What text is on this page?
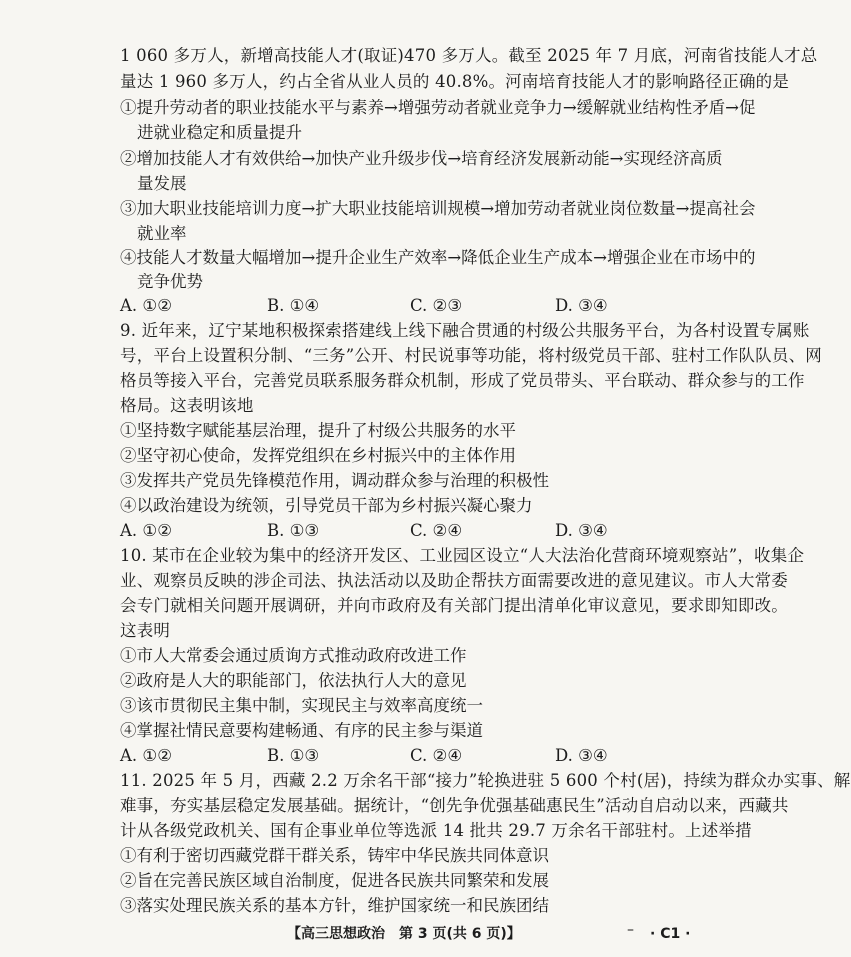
1 060 多万人，新增高技能人才(取证)470 多万人。截至 2025 年 7 月底，河南省技能人才总
量达 1 960 多万人，约占全省从业人员的 40.8%。河南培育技能人才的影响路径正确的是
①提升劳动者的职业技能水平与素养→增强劳动者就业竞争力→缓解就业结构性矛盾→促
进就业稳定和质量提升
②增加技能人才有效供给→加快产业升级步伐→培育经济发展新动能→实现经济高质
量发展
③加大职业技能培训力度→扩大职业技能培训规模→增加劳动者就业岗位数量→提高社会
就业率
④技能人才数量大幅增加→提升企业生产效率→降低企业生产成本→增强企业在市场中的
竞争优势
A. ①②	B. ①④	C. ②③	D. ③④
9. 近年来，辽宁某地积极探索搭建线上线下融合贯通的村级公共服务平台，为各村设置专属账
号，平台上设置积分制、“三务”公开、村民说事等功能，将村级党员干部、驻村工作队队员、网
格员等接入平台，完善党员联系服务群众机制，形成了党员带头、平台联动、群众参与的工作
格局。这表明该地
①坚持数字赋能基层治理，提升了村级公共服务的水平
②坚守初心使命，发挥党组织在乡村振兴中的主体作用
③发挥共产党员先锋模范作用，调动群众参与治理的积极性
④以政治建设为统领，引导党员干部为乡村振兴凝心聚力
A. ①②	B. ①③	C. ②④	D. ③④
10. 某市在企业较为集中的经济开发区、工业园区设立“人大法治化营商环境观察站”，收集企
业、观察员反映的涉企司法、执法活动以及助企帮扶方面需要改进的意见建议。市人大常委
会专门就相关问题开展调研，并向市政府及有关部门提出清单化审议意见，要求即知即改。
这表明
①市人大常委会通过质询方式推动政府改进工作
②政府是人大的职能部门，依法执行人大的意见
③该市贯彻民主集中制，实现民主与效率高度统一
④掌握社情民意要构建畅通、有序的民主参与渠道
A. ①②	B. ①③	C. ②④	D. ③④
11. 2025 年 5 月，西藏 2.2 万余名干部“接力”轮换进驻 5 600 个村(居)，持续为群众办实事、解
难事，夯实基层稳定发展基础。据统计，“创先争优强基础惠民生”活动自启动以来，西藏共
计从各级党政机关、国有企事业单位等选派 14 批共 29.7 万余名干部驻村。上述举措
①有利于密切西藏党群干群关系，铸牢中华民族共同体意识
②旨在完善民族区域自治制度，促进各民族共同繁荣和发展
③落实处理民族关系的基本方针，维护国家统一和民族团结
【高三思想政治　第 3 页(共 6 页)】	– · C1 ·
